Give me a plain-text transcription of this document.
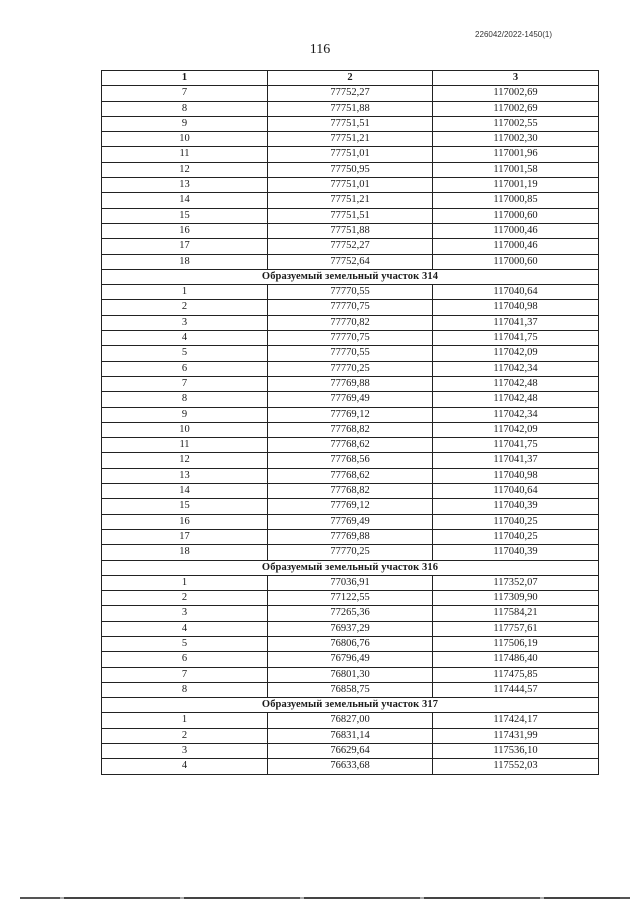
226042/2022-1450(1)
116
1	2	3
7	77752,27	117002,69
8	77751,88	117002,69
9	77751,51	117002,55
10	77751,21	117002,30
11	77751,01	117001,96
12	77750,95	117001,58
13	77751,01	117001,19
14	77751,21	117000,85
15	77751,51	117000,60
16	77751,88	117000,46
17	77752,27	117000,46
18	77752,64	117000,60
Образуемый земельный участок 314		
1	77770,55	117040,64
2	77770,75	117040,98
3	77770,82	117041,37
4	77770,75	117041,75
5	77770,55	117042,09
6	77770,25	117042,34
7	77769,88	117042,48
8	77769,49	117042,48
9	77769,12	117042,34
10	77768,82	117042,09
11	77768,62	117041,75
12	77768,56	117041,37
13	77768,62	117040,98
14	77768,82	117040,64
15	77769,12	117040,39
16	77769,49	117040,25
17	77769,88	117040,25
18	77770,25	117040,39
Образуемый земельный участок 316		
1	77036,91	117352,07
2	77122,55	117309,90
3	77265,36	117584,21
4	76937,29	117757,61
5	76806,76	117506,19
6	76796,49	117486,40
7	76801,30	117475,85
8	76858,75	117444,57
Образуемый земельный участок 317		
1	76827,00	117424,17
2	76831,14	117431,99
3	76629,64	117536,10
4	76633,68	117552,03
